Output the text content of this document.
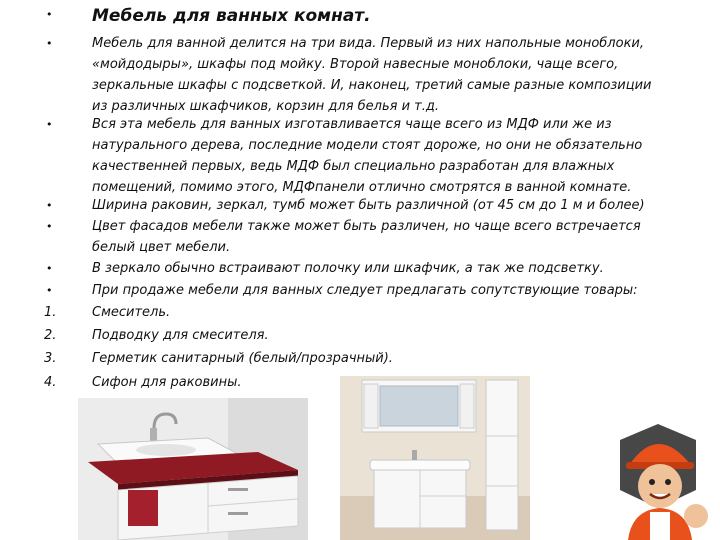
•	Мебель для ванных комнат.
•	Мебель для ванной делится на три вида. Первый из них напольные моноблоки,
«мойдодыры», шкафы под мойку. Второй навесные моноблоки, чаще всего,
зеркальные шкафы с подсветкой. И, наконец, третий самые разные композиции
из различных шкафчиков, корзин для белья и т.д.
•	Вся эта мебель для ванных изготавливается чаще всего из МДФ или же из
натурального дерева, последние модели стоят дороже, но они не обязательно
качественней первых, ведь МДФ был специально разработан для влажных
помещений, помимо этого, МДФпанели отлично смотрятся в ванной комнате.
•	Ширина раковин, зеркал, тумб может быть различной (от 45 см до 1 м и более)
•	Цвет фасадов мебели также может быть различен, но чаще всего встречается
белый цвет мебели.
•	В зеркало обычно встраивают полочку или шкафчик, а так же подсветку.
•	При продаже мебели для ванных следует предлагать сопутствующие товары:
1.	Смеситель.
2.	Подводку для смесителя.
3.	Герметик санитарный (белый/прозрачный).
4.	Сифон для раковины.
